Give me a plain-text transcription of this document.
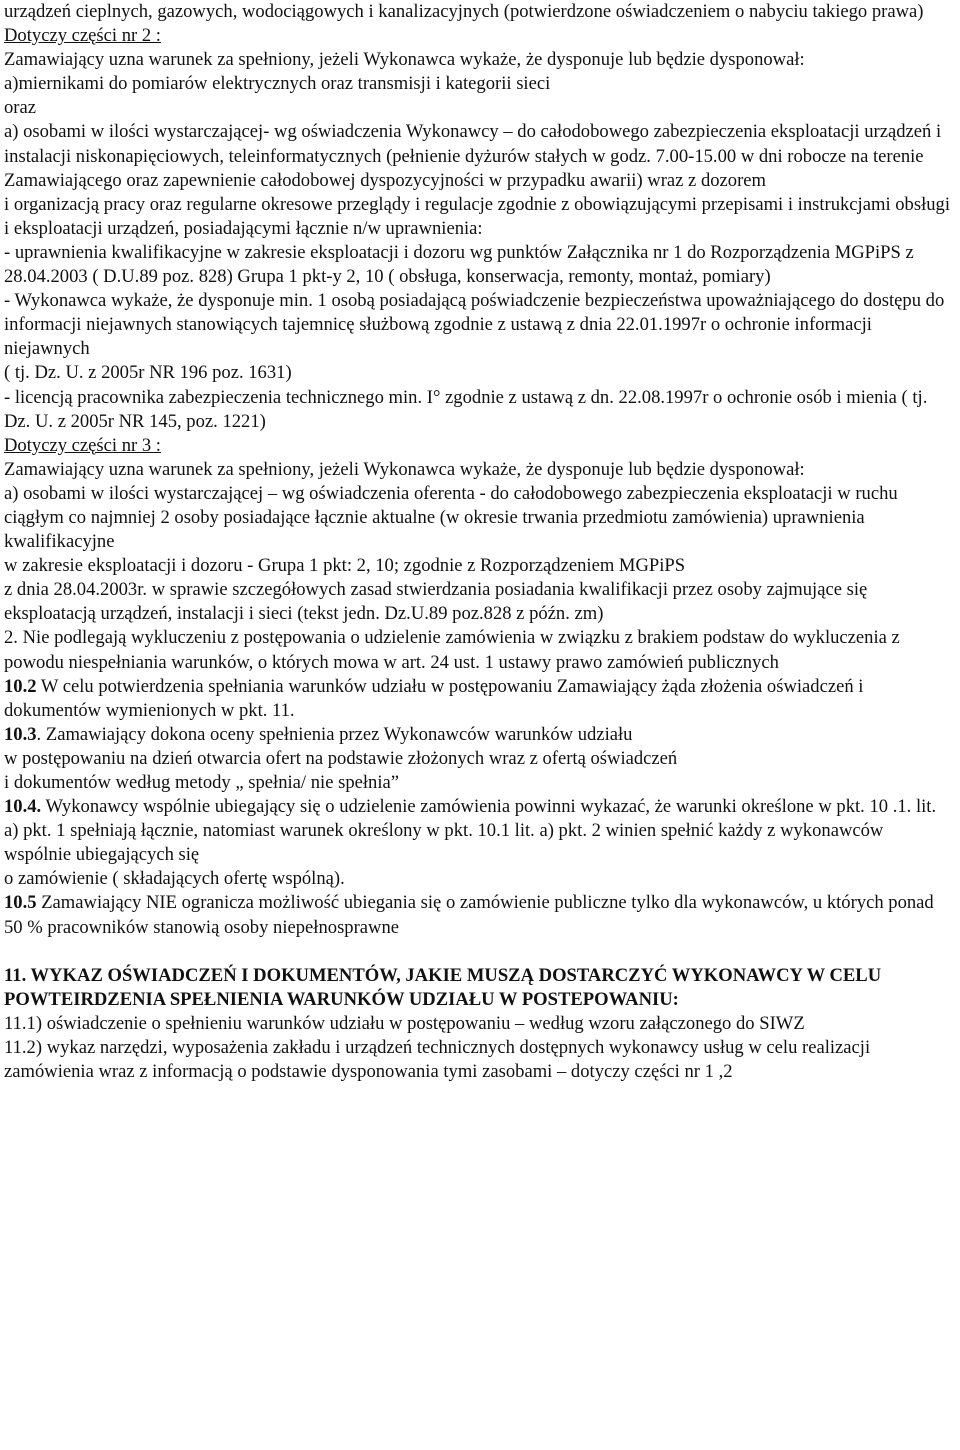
urządzeń cieplnych, gazowych, wodociągowych i kanalizacyjnych (potwierdzone oświadczeniem o nabyciu takiego prawa)

Dotyczy części nr 2 :

Zamawiający uzna warunek za spełniony, jeżeli Wykonawca wykaże, że dysponuje lub będzie dysponował:

a)miernikami do pomiarów elektrycznych oraz transmisji i kategorii sieci

oraz

a) osobami w ilości wystarczającej- wg oświadczenia Wykonawcy – do całodobowego zabezpieczenia eksploatacji urządzeń i instalacji niskonapięciowych, teleinformatycznych (pełnienie dyżurów stałych w godz. 7.00-15.00 w dni robocze na terenie Zamawiającego oraz zapewnienie całodobowej dyspozycyjności w przypadku awarii) wraz z dozorem

i organizacją pracy oraz regularne okresowe przeglądy i regulacje zgodnie z obowiązującymi przepisami i instrukcjami obsługi i eksploatacji urządzeń, posiadającymi łącznie n/w uprawnienia:

- uprawnienia kwalifikacyjne w zakresie eksploatacji i dozoru wg punktów Załącznika nr 1 do Rozporządzenia MGPiPS z 28.04.2003 ( D.U.89 poz. 828) Grupa 1 pkt-y 2, 10 ( obsługa, konserwacja, remonty, montaż, pomiary)

- Wykonawca wykaże, że dysponuje min. 1 osobą posiadającą poświadczenie bezpieczeństwa upoważniającego do dostępu do informacji niejawnych stanowiących tajemnicę służbową zgodnie z ustawą z dnia 22.01.1997r o ochronie informacji niejawnych

( tj. Dz. U. z 2005r NR 196 poz. 1631)

- licencją pracownika zabezpieczenia technicznego min. I° zgodnie z ustawą z dn. 22.08.1997r o ochronie osób i mienia ( tj. Dz. U. z 2005r NR 145, poz. 1221)

Dotyczy części nr 3 :

Zamawiający uzna warunek za spełniony, jeżeli Wykonawca wykaże, że dysponuje lub będzie dysponował:

a) osobami w ilości wystarczającej – wg oświadczenia oferenta - do całodobowego zabezpieczenia eksploatacji w ruchu ciągłym co najmniej 2 osoby posiadające łącznie aktualne (w okresie trwania przedmiotu zamówienia) uprawnienia kwalifikacyjne

w zakresie eksploatacji i dozoru - Grupa 1 pkt: 2, 10; zgodnie z Rozporządzeniem MGPiPS

z dnia 28.04.2003r. w sprawie szczegółowych zasad stwierdzania posiadania kwalifikacji przez osoby zajmujące się eksploatacją urządzeń, instalacji i sieci (tekst jedn. Dz.U.89 poz.828 z późn. zm)

2. Nie podlegają wykluczeniu z postępowania o udzielenie zamówienia w związku z brakiem podstaw do wykluczenia z powodu niespełniania warunków, o których mowa w art. 24 ust. 1 ustawy prawo zamówień publicznych

10.2 W celu potwierdzenia spełniania warunków udziału w postępowaniu Zamawiający żąda złożenia oświadczeń i dokumentów wymienionych w pkt. 11.

10.3. Zamawiający dokona oceny spełnienia przez Wykonawców warunków udziału

w postępowaniu na dzień otwarcia ofert na podstawie złożonych wraz z ofertą oświadczeń

i dokumentów według metody „ spełnia/ nie spełnia”

10.4. Wykonawcy wspólnie ubiegający się o udzielenie zamówienia powinni wykazać, że warunki określone w pkt. 10 .1. lit. a) pkt. 1 spełniają łącznie, natomiast warunek określony w pkt. 10.1 lit. a) pkt. 2 winien spełnić każdy z wykonawców wspólnie ubiegających się

o zamówienie ( składających ofertę wspólną).

10.5 Zamawiający NIE ogranicza możliwość ubiegania się o zamówienie publiczne tylko dla wykonawców, u których ponad 50 % pracowników stanowią osoby niepełnosprawne

11. WYKAZ OŚWIADCZEŃ I DOKUMENTÓW, JAKIE MUSZĄ DOSTARCZYĆ WYKONAWCY W CELU POWTEIRDZENIA SPEŁNIENIA WARUNKÓW UDZIAŁU W POSTEPOWANIU:

11.1) oświadczenie o spełnieniu warunków udziału w postępowaniu – według wzoru załączonego do SIWZ

11.2) wykaz narzędzi, wyposażenia zakładu i urządzeń technicznych dostępnych wykonawcy usług w celu realizacji zamówienia wraz z informacją o podstawie dysponowania tymi zasobami – dotyczy części nr 1 ,2
